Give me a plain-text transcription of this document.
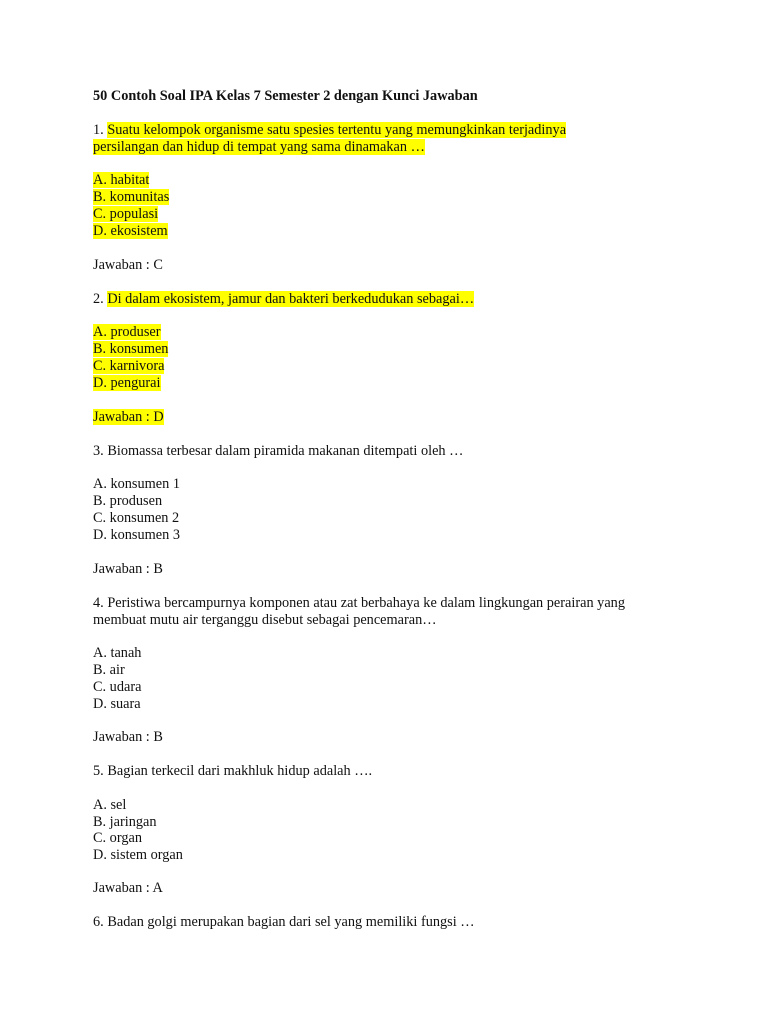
50 Contoh Soal IPA Kelas 7 Semester 2 dengan Kunci Jawaban
1. Suatu kelompok organisme satu spesies tertentu yang memungkinkan terjadinya
persilangan dan hidup di tempat yang sama dinamakan …
A. habitat
B. komunitas
C. populasi
D. ekosistem
Jawaban : C
2. Di dalam ekosistem, jamur dan bakteri berkedudukan sebagai…
A. produser
B. konsumen
C. karnivora
D. pengurai
Jawaban : D
3. Biomassa terbesar dalam piramida makanan ditempati oleh …
A. konsumen 1
B. produsen
C. konsumen 2
D. konsumen 3
Jawaban : B
4. Peristiwa bercampurnya komponen atau zat berbahaya ke dalam lingkungan perairan yang
membuat mutu air terganggu disebut sebagai pencemaran…
A. tanah
B. air
C. udara
D. suara
Jawaban : B
5. Bagian terkecil dari makhluk hidup adalah ….
A. sel
B. jaringan
C. organ
D. sistem organ
Jawaban : A
6. Badan golgi merupakan bagian dari sel yang memiliki fungsi …
